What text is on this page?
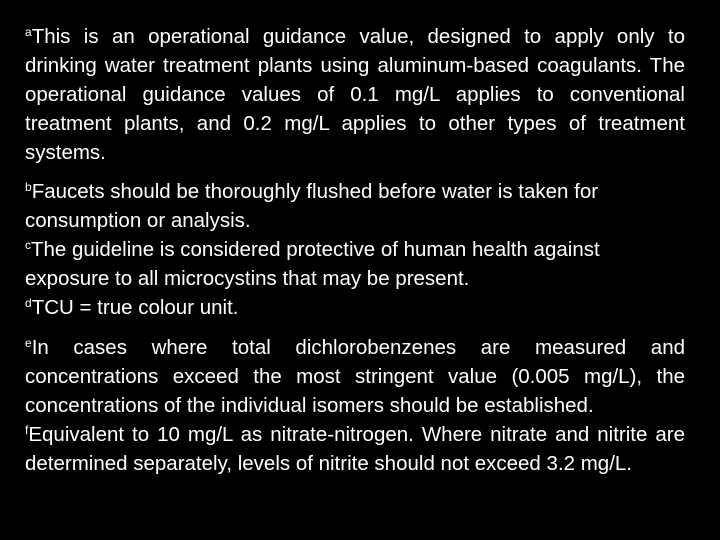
$^a$This is an operational guidance value, designed to apply only to drinking water treatment plants using aluminum-based coagulants. The operational guidance values of 0.1 mg/L applies to conventional treatment plants, and 0.2 mg/L applies to other types of treatment systems.

$^b$Faucets should be thoroughly flushed before water is taken for consumption or analysis.
$^c$The guideline is considered protective of human health against exposure to all microcystins that may be present.
$^d$TCU = true colour unit.
$^e$In cases where total dichlorobenzenes are measured and concentrations exceed the most stringent value (0.005 mg/L), the concentrations of the individual isomers should be established.
$^f$Equivalent to 10 mg/L as nitrate-nitrogen. Where nitrate and nitrite are determined separately, levels of nitrite should not exceed 3.2 mg/L.
